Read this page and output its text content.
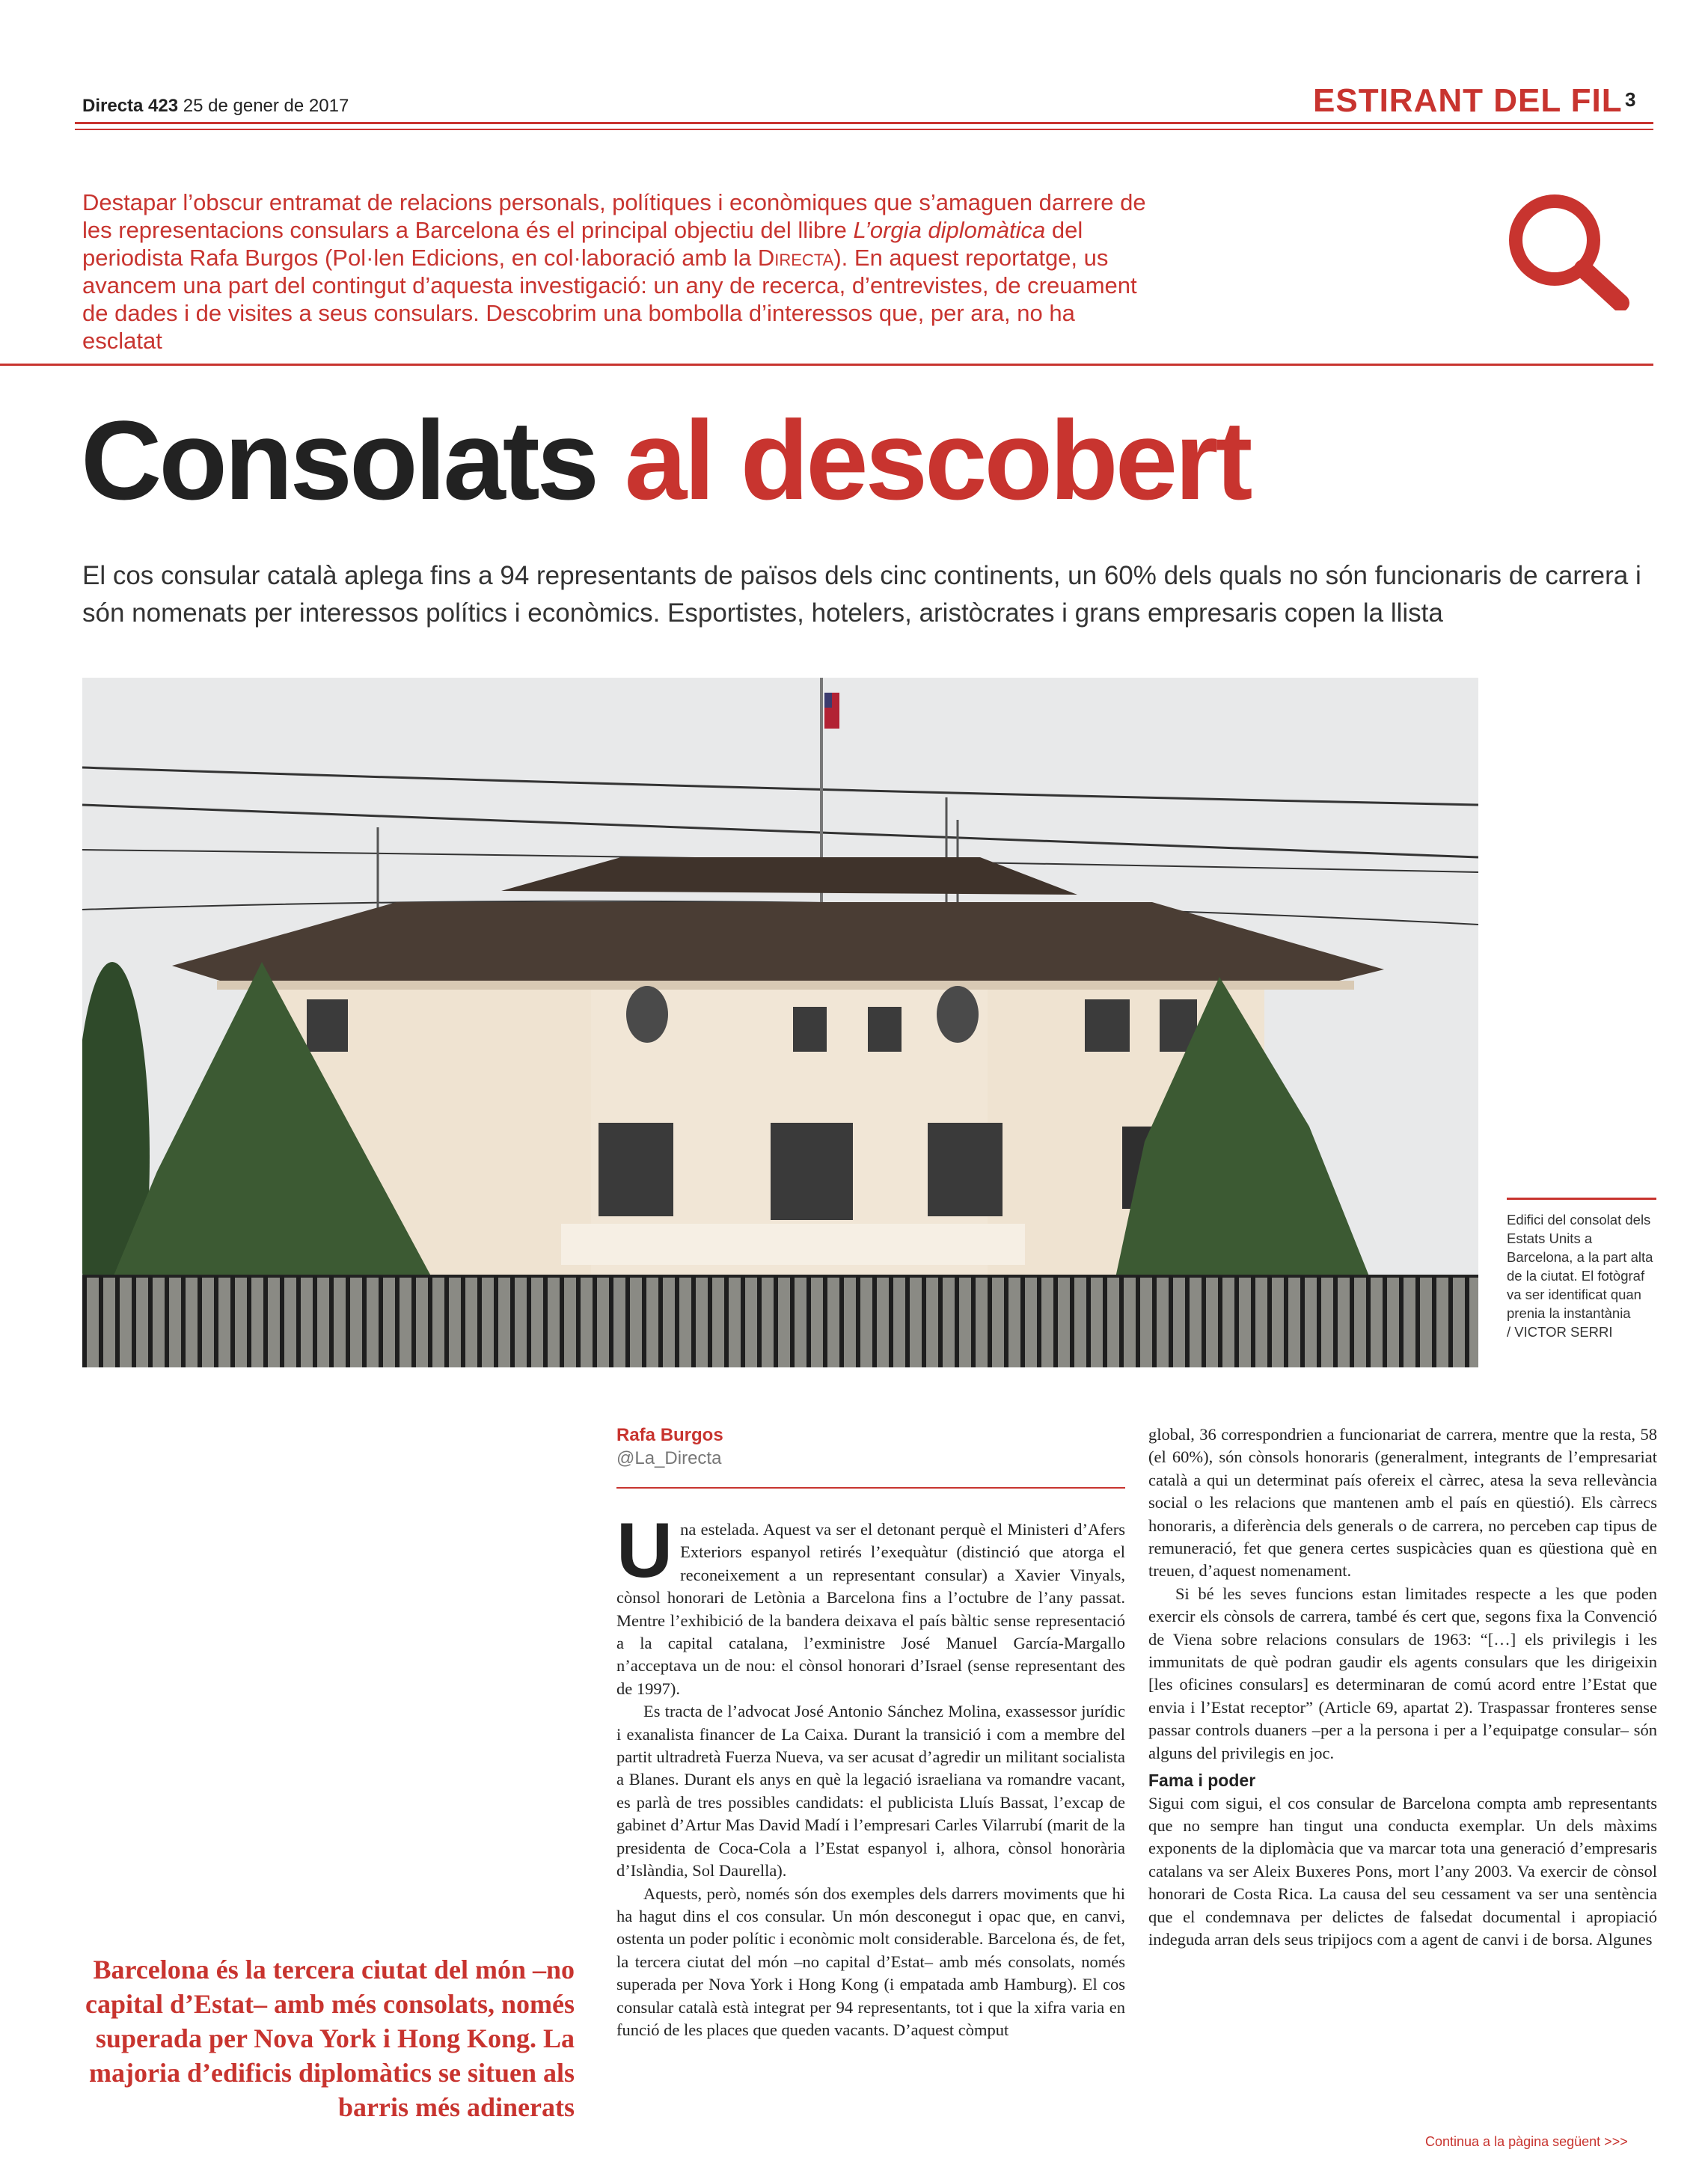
Directa 423 25 de gener de 2017	ESTIRANT DEL FIL 3
Destapar l’obscur entramat de relacions personals, polítiques i econòmiques que s’amaguen darrere de les representacions consulars a Barcelona és el principal objectiu del llibre L’orgia diplomàtica del periodista Rafa Burgos (Pol·len Edicions, en col·laboració amb la Directa). En aquest reportatge, us avancem una part del contingut d’aquesta investigació: un any de recerca, d’entrevistes, de creuament de dades i de visites a seus consulars. Descobrim una bombolla d’interessos que, per ara, no ha esclatat
Consolats al descobert
El cos consular català aplega fins a 94 representants de països dels cinc continents, un 60% dels quals no són funcionaris de carrera i són nomenats per interessos polítics i econòmics. Esportistes, hotelers, aristòcrates i grans empresaris copen la llista
Edifici del consolat dels Estats Units a Barcelona, a la part alta de la ciutat. El fotògraf va ser identificat quan prenia la instantània
/ VICTOR SERRI
Barcelona és la tercera ciutat del món –no capital d’Estat– amb més consolats, només superada per Nova York i Hong Kong. La majoria d’edificis diplomàtics se situen als barris més adinerats
Rafa Burgos
@La_Directa

Una estelada. Aquest va ser el detonant perquè el Ministeri d’Afers Exteriors espanyol retirés l’exequàtur (distinció que atorga el reconeixement a un representant consular) a Xavier Vinyals, cònsol honorari de Letònia a Barcelona fins a l’octubre de l’any passat. Mentre l’exhibició de la bandera deixava el país bàltic sense representació a la capital catalana, l’exministre José Manuel García-Margallo n’acceptava un de nou: el cònsol honorari d’Israel (sense representant des de 1997).

Es tracta de l’advocat José Antonio Sánchez Molina, exassessor jurídic i exanalista financer de La Caixa. Durant la transició i com a membre del partit ultradretà Fuerza Nueva, va ser acusat d’agredir un militant socialista a Blanes. Durant els anys en què la legació israeliana va romandre vacant, es parlà de tres possibles candidats: el publicista Lluís Bassat, l’excap de gabinet d’Artur Mas David Madí i l’empresari Carles Vilarrubí (marit de la presidenta de Coca-Cola a l’Estat espanyol i, alhora, cònsol honorària d’Islàndia, Sol Daurella).

Aquests, però, només són dos exemples dels darrers moviments que hi ha hagut dins el cos consular. Un món desconegut i opac que, en canvi, ostenta un poder polític i econòmic molt considerable. Barcelona és, de fet, la tercera ciutat del món –no capital d’Estat– amb més consolats, només superada per Nova York i Hong Kong (i empatada amb Hamburg). El cos consular català està integrat per 94 representants, tot i que la xifra varia en funció de les places que queden vacants. D’aquest còmput

global, 36 correspondrien a funcionariat de carrera, mentre que la resta, 58 (el 60%), són cònsols honoraris (generalment, integrants de l’empresariat català a qui un determinat país ofereix el càrrec, atesa la seva rellevància social o les relacions que mantenen amb el país en qüestió). Els càrrecs honoraris, a diferència dels generals o de carrera, no perceben cap tipus de remuneració, fet que genera certes suspicàcies quan es qüestiona què en treuen, d’aquest nomenament.

Si bé les seves funcions estan limitades respecte a les que poden exercir els cònsols de carrera, també és cert que, segons fixa la Convenció de Viena sobre relacions consulars de 1963: “[…] els privilegis i les immunitats de què podran gaudir els agents consulars que les dirigeixin [les oficines consulars] es determinaran de comú acord entre l’Estat que envia i l’Estat receptor” (Article 69, apartat 2). Traspassar fronteres sense passar controls duaners –per a la persona i per a l’equipatge consular– són alguns del privilegis en joc.

Fama i poder

Sigui com sigui, el cos consular de Barcelona compta amb representants que no sempre han tingut una conducta exemplar. Un dels màxims exponents de la diplomàcia que va marcar tota una generació d’empresaris catalans va ser Aleix Buxeres Pons, mort l’any 2003. Va exercir de cònsol honorari de Costa Rica. La causa del seu cessament va ser una sentència que el condemnava per delictes de falsedat documental i apropiació indeguda arran dels seus tripijocs com a agent de canvi i de borsa. Algunes

Continua a la pàgina següent >>>
